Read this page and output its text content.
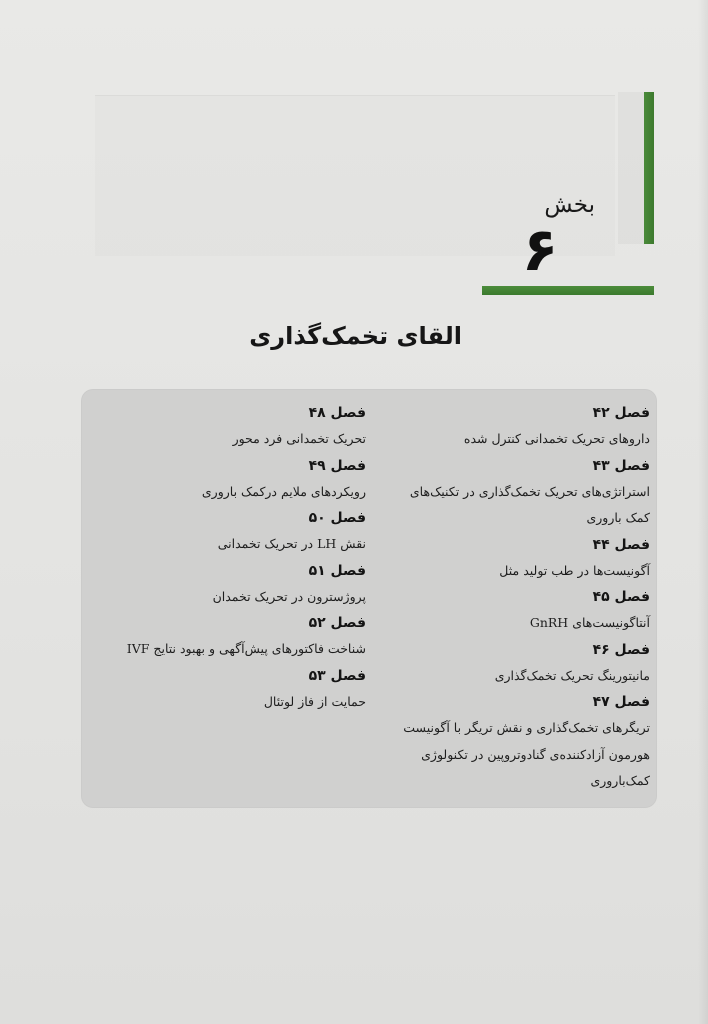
بخش
۶
القای تخمک‌گذاری
فصل ۴۲
داروهای تحریک تخمدانی کنترل شده
فصل ۴۳
استراتژی‌های تحریک تخمک‌گذاری در تکنیک‌های
کمک باروری
فصل ۴۴
آگونیست‌ها در طب تولید مثل
فصل ۴۵
آنتاگونیست‌های GnRH
فصل ۴۶
مانیتورینگ تحریک تخمک‌گذاری
فصل ۴۷
تریگرهای تخمک‌گذاری و نقش تریگر با آگونیست
هورمون آزادکننده‌ی گنادوتروپین در تکنولوژی
کمک‌باروری
فصل ۴۸
تحریک تخمدانی فرد محور
فصل ۴۹
رویکردهای ملایم درکمک باروری
فصل ۵۰
نقش LH در تحریک تخمدانی
فصل ۵۱
پروژسترون در تحریک تخمدان
فصل ۵۲
شناخت فاکتورهای پیش‌آگهی و بهبود نتایج IVF
فصل ۵۳
حمایت از فاز لوتئال
